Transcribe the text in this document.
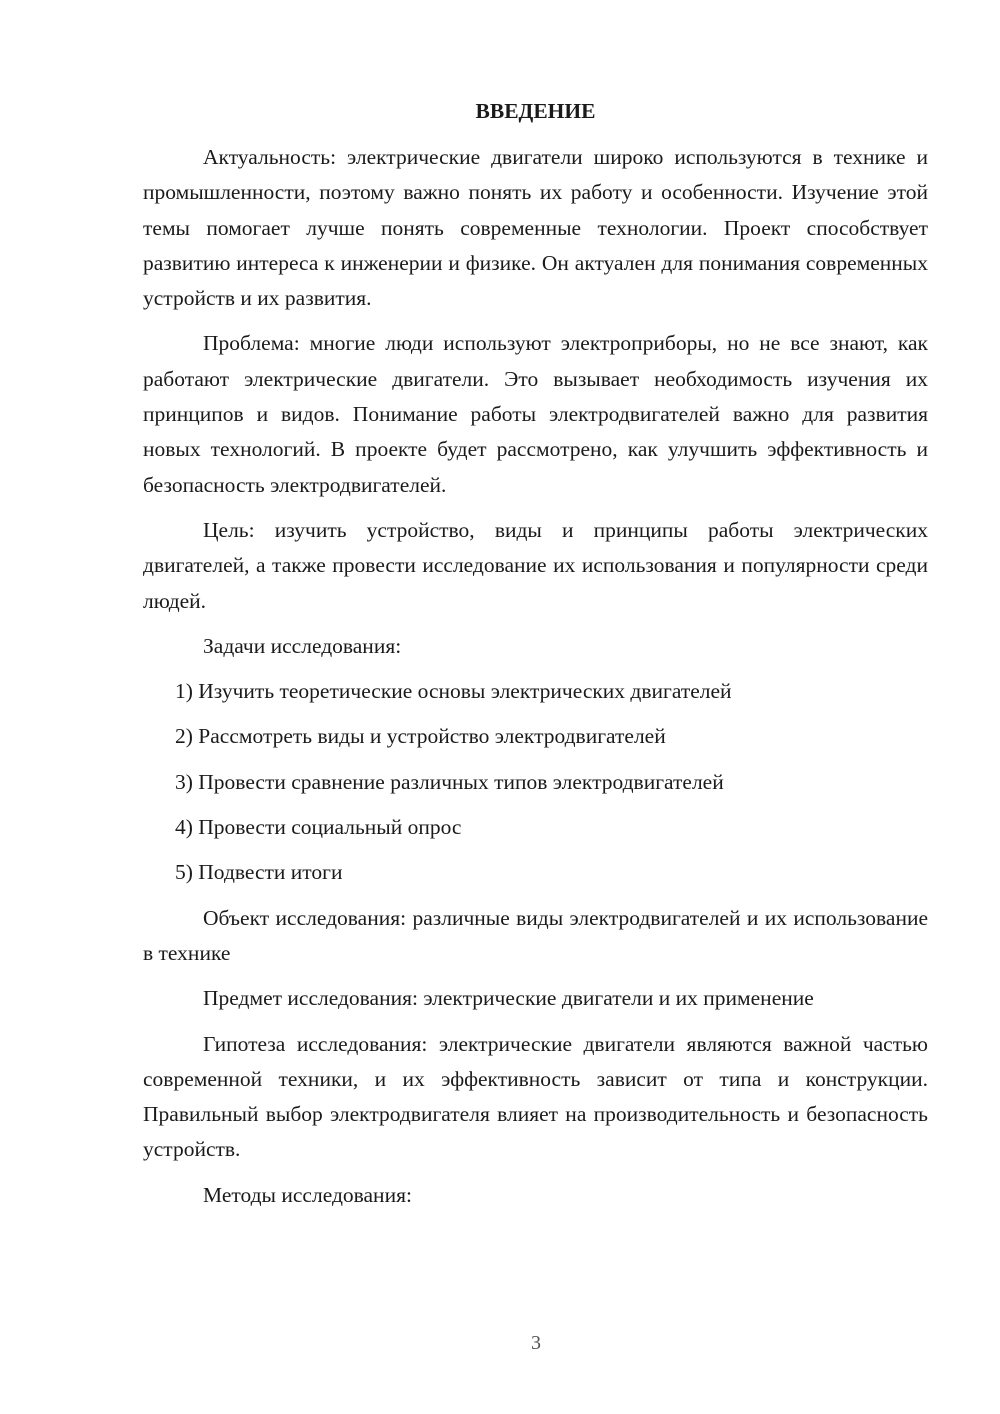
ВВЕДЕНИЕ

Актуальность: электрические двигатели широко используются в технике и промышленности, поэтому важно понять их работу и особенности. Изучение этой темы помогает лучше понять современные технологии. Проект способствует развитию интереса к инженерии и физике. Он актуален для понимания современных устройств и их развития.

Проблема: многие люди используют электроприборы, но не все знают, как работают электрические двигатели. Это вызывает необходимость изучения их принципов и видов. Понимание работы электродвигателей важно для развития новых технологий. В проекте будет рассмотрено, как улучшить эффективность и безопасность электродвигателей.

Цель: изучить устройство, виды и принципы работы электрических двигателей, а также провести исследование их использования и популярности среди людей.

Задачи исследования:

1) Изучить теоретические основы электрических двигателей
2) Рассмотреть виды и устройство электродвигателей
3) Провести сравнение различных типов электродвигателей
4) Провести социальный опрос
5) Подвести итоги

Объект исследования: различные виды электродвигателей и их использование в технике

Предмет исследования: электрические двигатели и их применение

Гипотеза исследования: электрические двигатели являются важной частью современной техники, и их эффективность зависит от типа и конструкции. Правильный выбор электродвигателя влияет на производительность и безопасность устройств.

Методы исследования:

3
